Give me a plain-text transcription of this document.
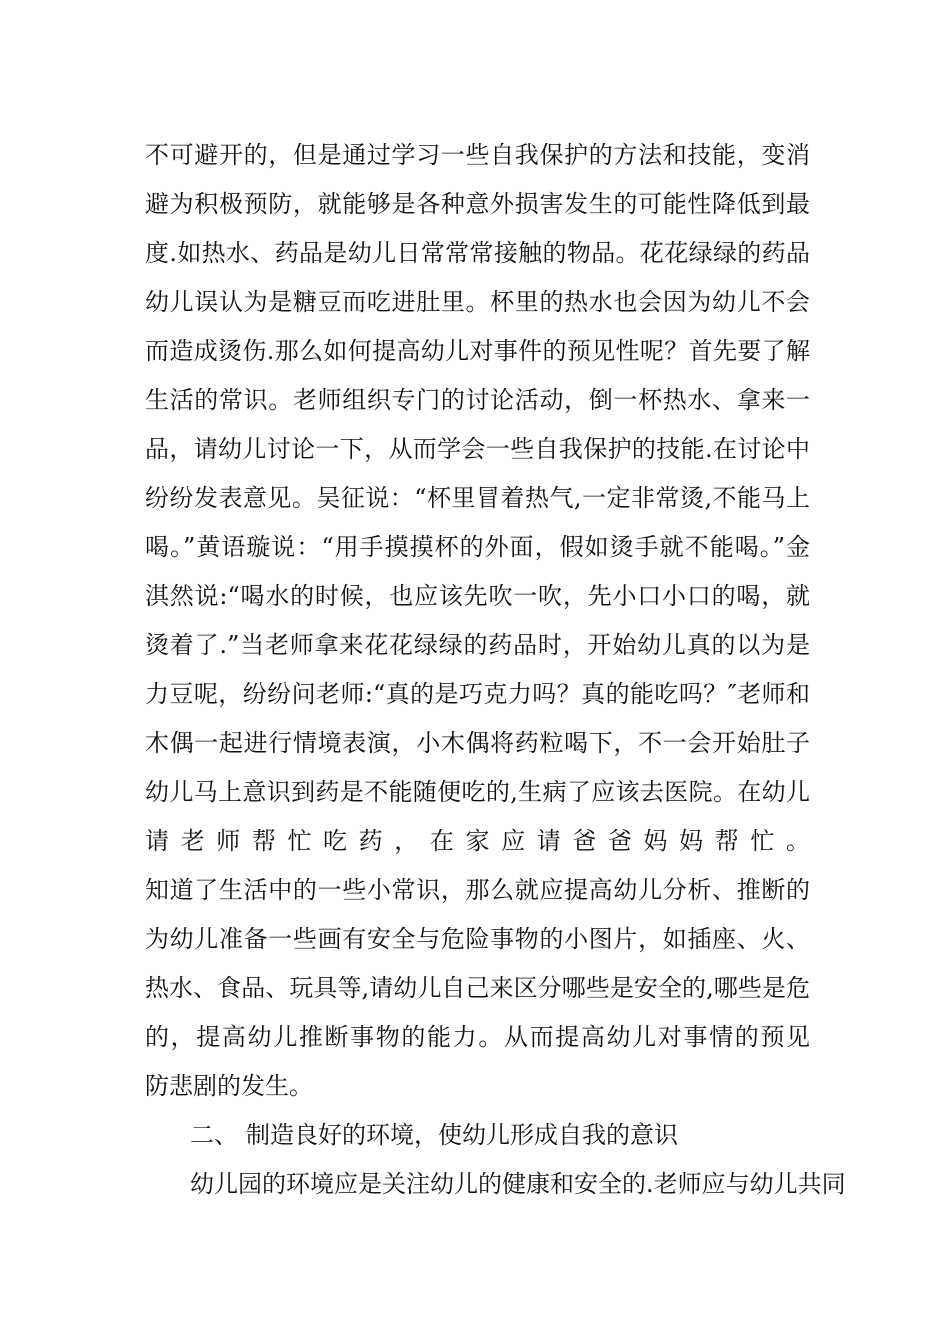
不可避开的，但是通过学习一些自我保护的方法和技能，变消
避为积极预防，就能够是各种意外损害发生的可能性降低到最
度.如热水、药品是幼儿日常常常接触的物品。花花绿绿的药品
幼儿误认为是糖豆而吃进肚里。杯里的热水也会因为幼儿不会
而造成烫伤.那么如何提高幼儿对事件的预见性呢？首先要了解
生活的常识。老师组织专门的讨论活动，倒一杯热水、拿来一
品，请幼儿讨论一下，从而学会一些自我保护的技能.在讨论中
纷纷发表意见。吴征说：“杯里冒着热气,一定非常烫,不能马上
喝。”黄语璇说：“用手摸摸杯的外面，假如烫手就不能喝。”金
淇然说:“喝水的时候，也应该先吹一吹，先小口小口的喝，就
烫着了.”当老师拿来花花绿绿的药品时，开始幼儿真的以为是
力豆呢，纷纷问老师:“真的是巧克力吗？真的能吃吗？″老师和
木偶一起进行情境表演，小木偶将药粒喝下，不一会开始肚子
幼儿马上意识到药是不能随便吃的,生病了应该去医院。在幼儿
请 老 师 帮 忙 吃 药 ， 在 家 应 请 爸 爸 妈 妈 帮 忙 。
知道了生活中的一些小常识，那么就应提高幼儿分析、推断的
为幼儿准备一些画有安全与危险事物的小图片，如插座、火、
热水、食品、玩具等,请幼儿自己来区分哪些是安全的,哪些是危
的，提高幼儿推断事物的能力。从而提高幼儿对事情的预见
防悲剧的发生。
二、 制造良好的环境，使幼儿形成自我的意识
幼儿园的环境应是关注幼儿的健康和安全的.老师应与幼儿共同
